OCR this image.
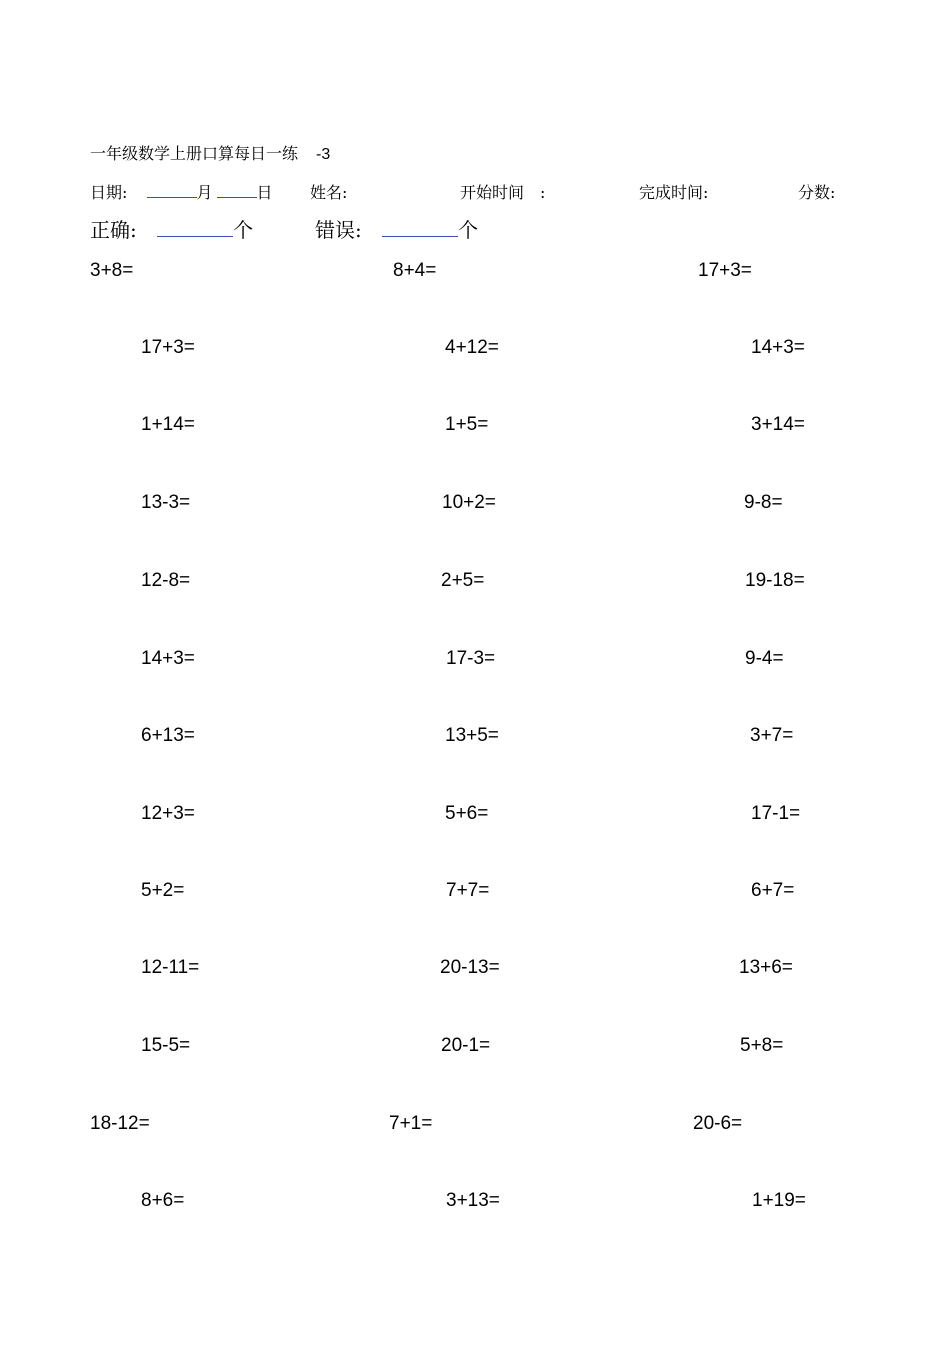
一年级数学上册口算每日一练 -3
日期:	月	日 姓名:	开始时间 :	完成时间:	分数:
正确:	个	错误:	个
3+8=	8+4=	17+3=
17+3=	4+12=	14+3=
1+14=	1+5=	3+14=
13-3=	10+2=	9-8=
12-8=	2+5=	19-18=
14+3=	17-3=	9-4=
6+13=	13+5=	3+7=
12+3=	5+6=	17-1=
5+2=	7+7=	6+7=
12-11=	20-13=	13+6=
15-5=	20-1=	5+8=
18-12=	7+1=	20-6=
8+6=	3+13=	1+19=
